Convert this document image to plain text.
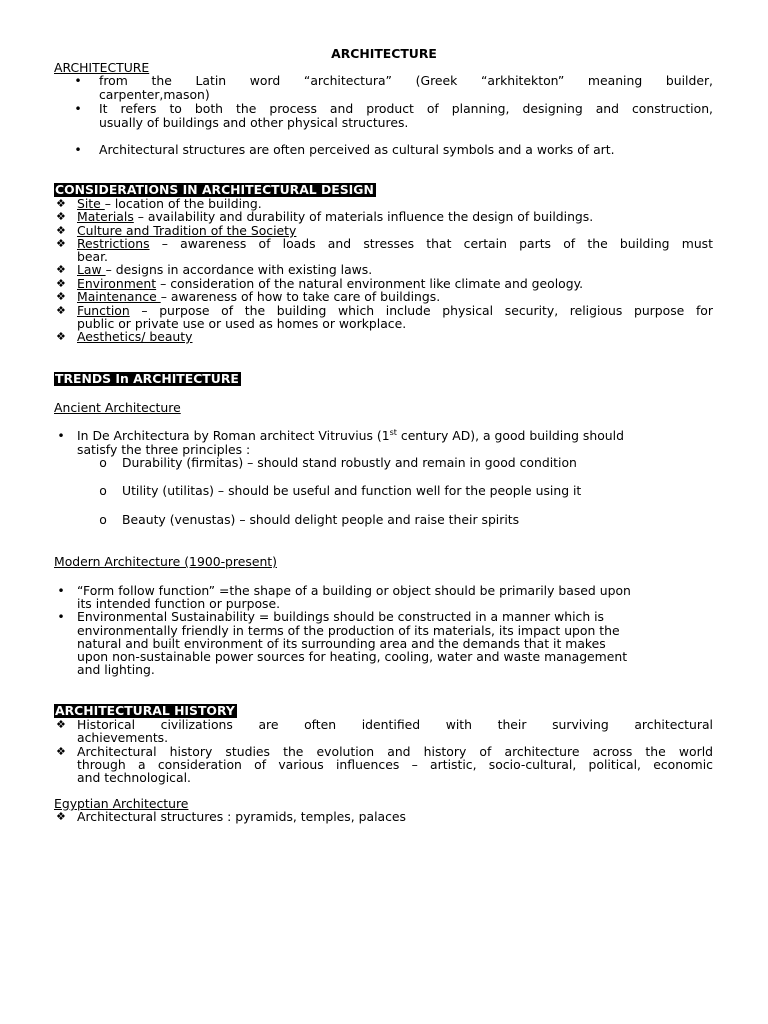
ARCHITECTURE
ARCHITECTURE
• from the Latin word “architectura” (Greek “arkhitekton” meaning builder,
carpenter,mason)
• It refers to both the process and product of planning, designing and construction,
usually of buildings and other physical structures.
• Architectural structures are often perceived as cultural symbols and a works of art.
CONSIDERATIONS IN ARCHITECTURAL DESIGN
❖ Site – location of the building.
❖ Materials – availability and durability of materials influence the design of buildings.
❖ Culture and Tradition of the Society
❖ Restrictions – awareness of loads and stresses that certain parts of the building must
bear.
❖ Law – designs in accordance with existing laws.
❖ Environment – consideration of the natural environment like climate and geology.
❖ Maintenance – awareness of how to take care of buildings.
❖ Function – purpose of the building which include physical security, religious purpose for
public or private use or used as homes or workplace.
❖ Aesthetics/ beauty
TRENDS In ARCHITECTURE
Ancient Architecture
• In De Architectura by Roman architect Vitruvius (1st century AD), a good building should
satisfy the three principles :
o Durability (firmitas) – should stand robustly and remain in good condition
o Utility (utilitas) – should be useful and function well for the people using it
o Beauty (venustas) – should delight people and raise their spirits
Modern Architecture (1900-present)
• “Form follow function” =the shape of a building or object should be primarily based upon
its intended function or purpose.
• Environmental Sustainability = buildings should be constructed in a manner which is
environmentally friendly in terms of the production of its materials, its impact upon the
natural and built environment of its surrounding area and the demands that it makes
upon non-sustainable power sources for heating, cooling, water and waste management
and lighting.
ARCHITECTURAL HISTORY
❖ Historical civilizations are often identified with their surviving architectural
achievements.
❖ Architectural history studies the evolution and history of architecture across the world
through a consideration of various influences – artistic, socio-cultural, political, economic
and technological.
Egyptian Architecture
❖ Architectural structures : pyramids, temples, palaces
